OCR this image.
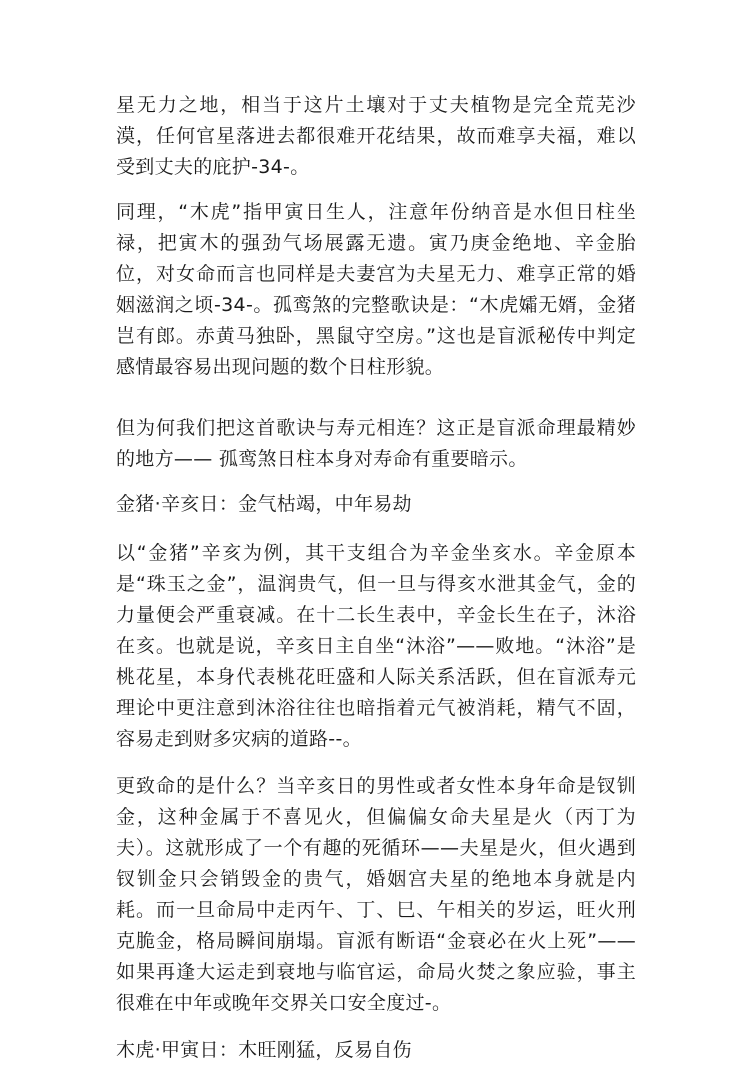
星无力之地，相当于这片土壤对于丈夫植物是完全荒芜沙漠，任何官星落进去都很难开花结果，故而难享夫福，难以受到丈夫的庇护-34-。

同理，“木虎”指甲寅日生人，注意年份纳音是水但日柱坐禄，把寅木的强劲气场展露无遗。寅乃庚金绝地、辛金胎位，对女命而言也同样是夫妻宫为夫星无力、难享正常的婚姻滋润之顷-34-。孤鸾煞的完整歌诀是：“木虎孀无婿，金猪岂有郎。赤黄马独卧，黑鼠守空房。”这也是盲派秘传中判定感情最容易出现问题的数个日柱形貌。

但为何我们把这首歌诀与寿元相连？这正是盲派命理最精妙的地方—— 孤鸾煞日柱本身对寿命有重要暗示。

金猪·辛亥日：金气枯竭，中年易劫

以“金猪”辛亥为例，其干支组合为辛金坐亥水。辛金原本是“珠玉之金”，温润贵气，但一旦与得亥水泄其金气，金的力量便会严重衰减。在十二长生表中，辛金长生在子，沐浴在亥。也就是说，辛亥日主自坐“沐浴”——败地。“沐浴”是桃花星，本身代表桃花旺盛和人际关系活跃，但在盲派寿元理论中更注意到沐浴往往也暗指着元气被消耗，精气不固，容易走到财多灾病的道路--。

更致命的是什么？当辛亥日的男性或者女性本身年命是钗钏金，这种金属于不喜见火，但偏偏女命夫星是火（丙丁为夫）。这就形成了一个有趣的死循环——夫星是火，但火遇到钗钏金只会销毁金的贵气，婚姻宫夫星的绝地本身就是内耗。而一旦命局中走丙午、丁、巳、午相关的岁运，旺火刑克脆金，格局瞬间崩塌。盲派有断语“金衰必在火上死”——如果再逢大运走到衰地与临官运，命局火焚之象应验，事主很难在中年或晚年交界关口安全度过-。

木虎·甲寅日：木旺刚猛，反易自伤
